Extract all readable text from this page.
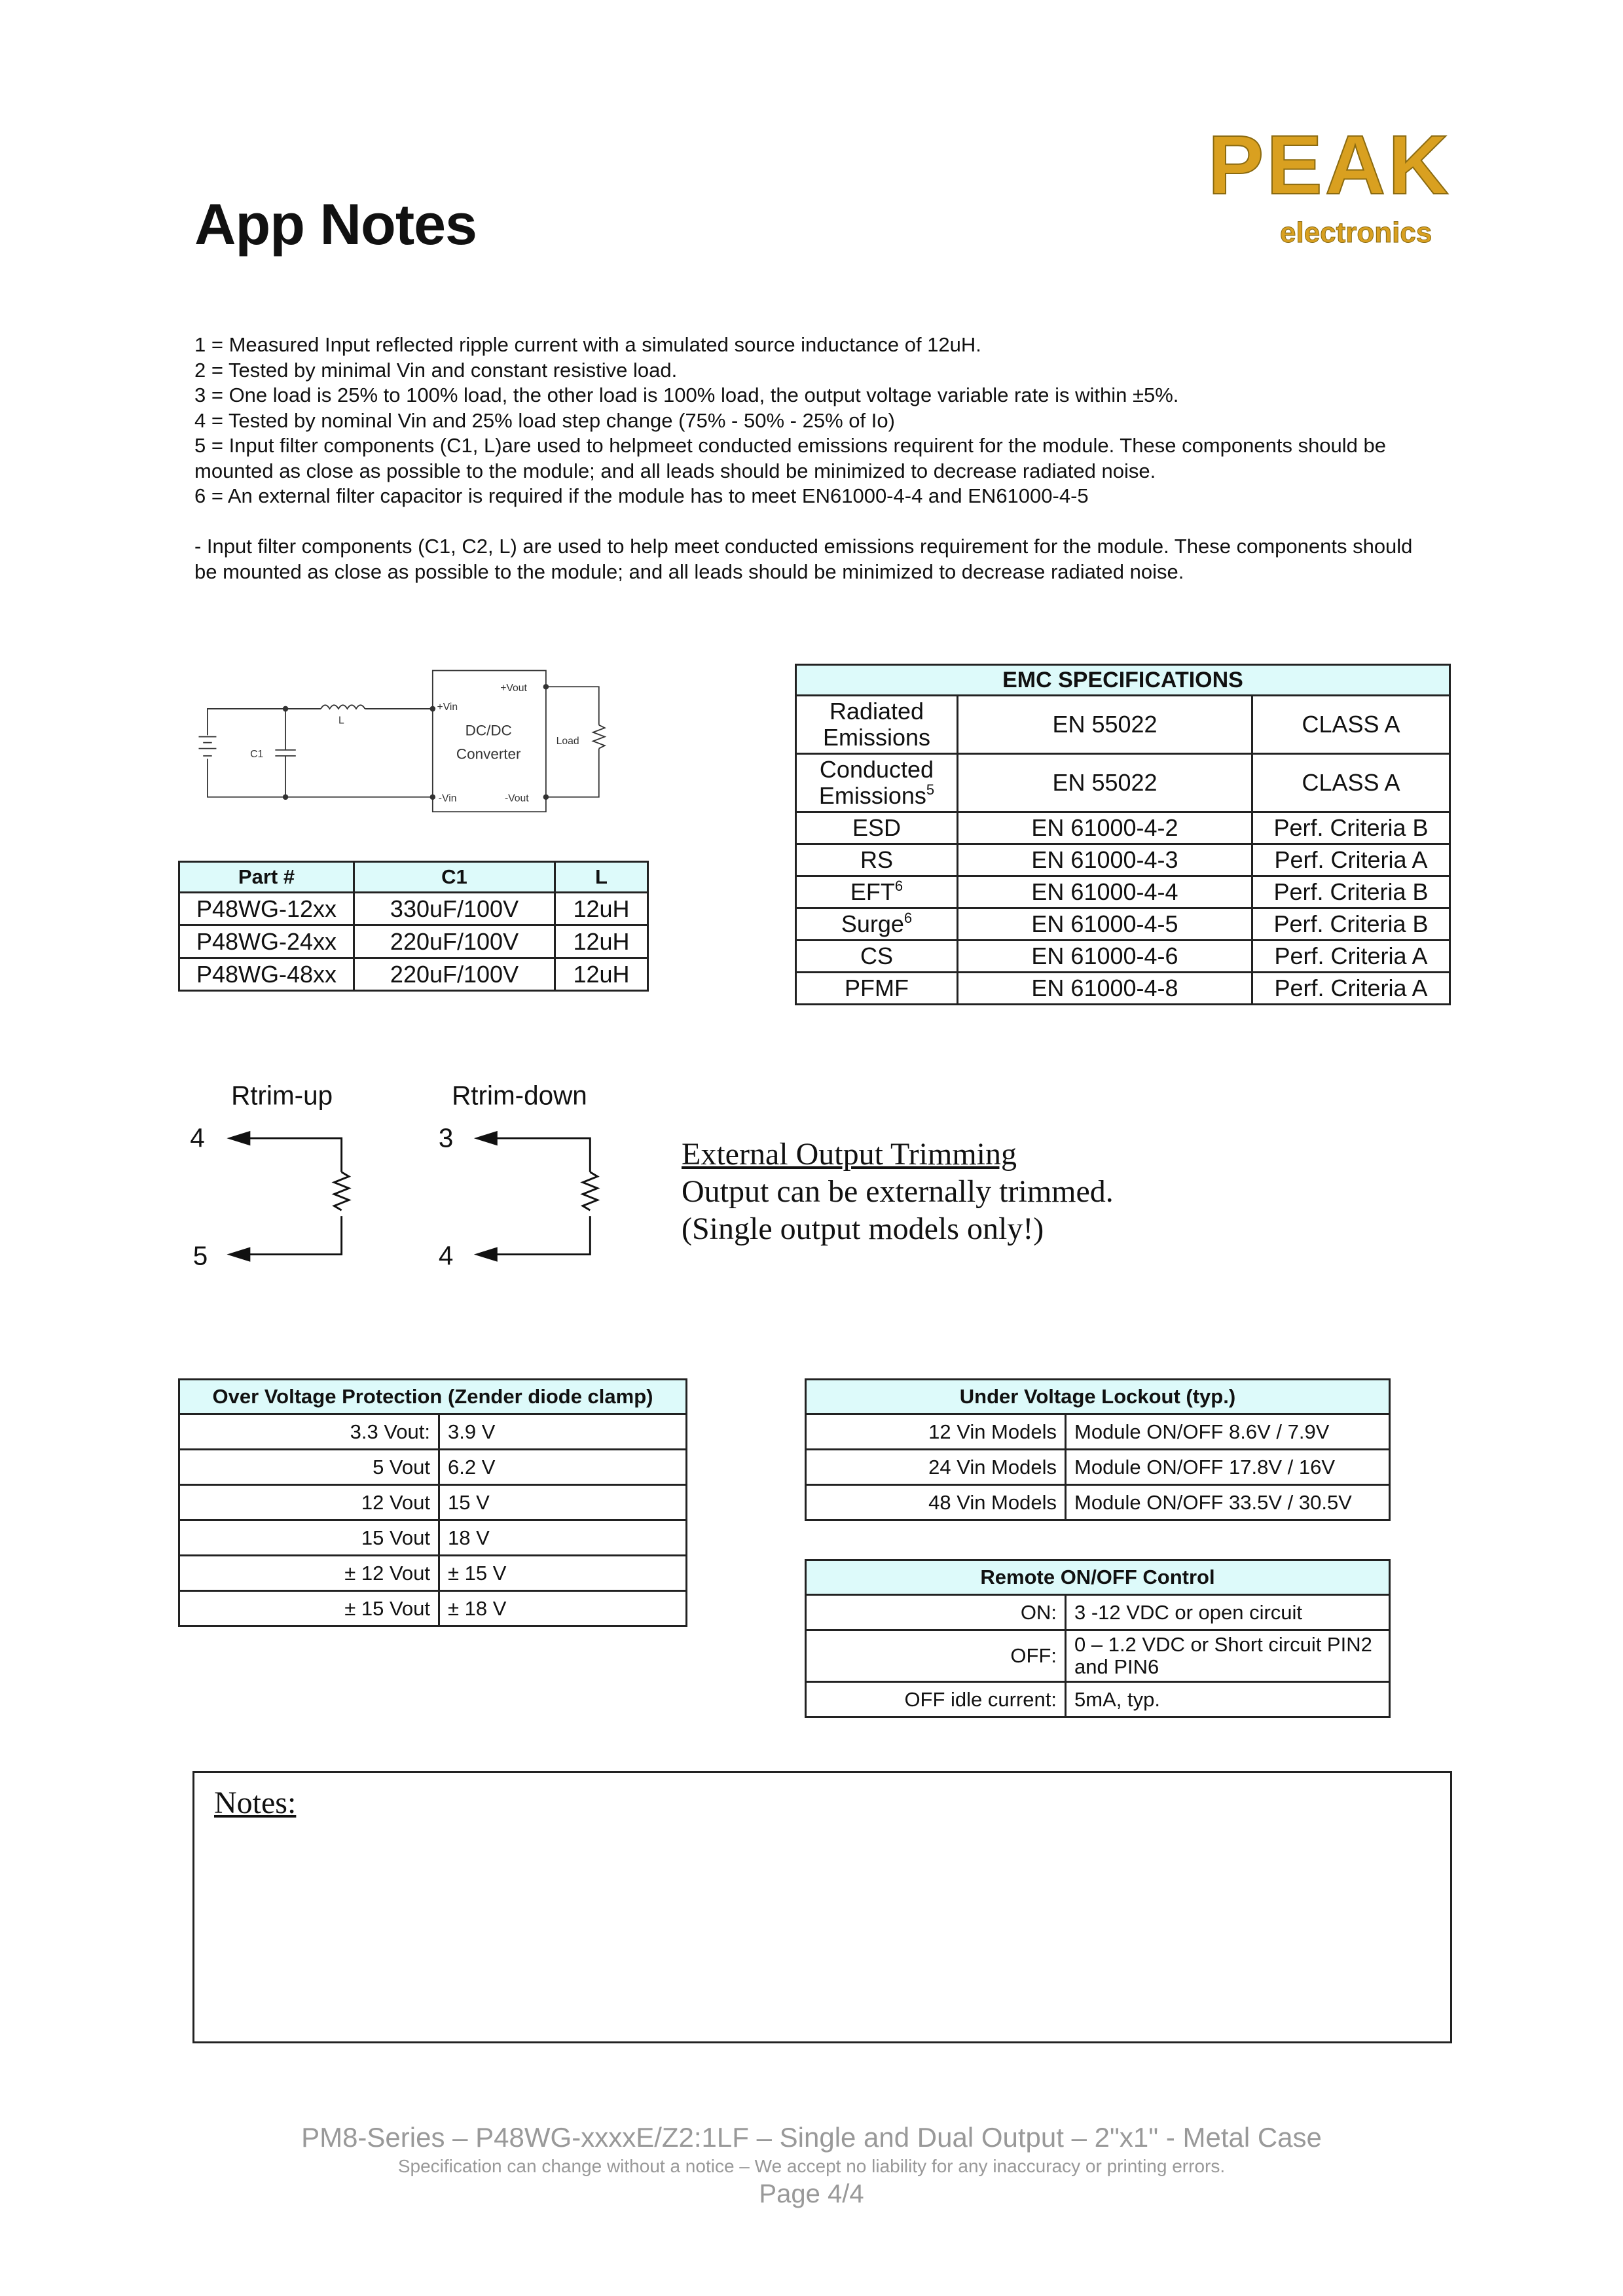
App Notes
PEAK
electronics
1 = Measured Input reflected ripple current with a simulated source inductance of 12uH.
2 = Tested by minimal Vin and constant resistive load.
3 = One load is 25% to 100% load, the other load is 100% load, the output voltage variable rate is within ±5%.
4 = Tested by nominal Vin and 25% load step change (75% - 50% - 25% of Io)
5 = Input filter components (C1, L)are used to helpmeet conducted emissions requirent for the module. These components should be mounted as close as possible to the module; and all leads should be minimized to decrease radiated noise.
6 = An external filter capacitor is required if the module has to meet EN61000-4-4 and EN61000-4-5
- Input filter components (C1, C2, L) are used to help meet conducted emissions requirement for the module. These components should be mounted as close as possible to the module; and all leads should be minimized to decrease radiated noise.
+Vout
+Vin
-Vin	-Vout
DC/DC
Converter
Load
C1
L
Part #	C1	L
P48WG-12xx	330uF/100V	12uH
P48WG-24xx	220uF/100V	12uH
P48WG-48xx	220uF/100V	12uH
EMC SPECIFICATIONS		
Radiated Emissions	EN 55022	CLASS A
Conducted Emissions$^5$	EN 55022	CLASS A
ESD	EN 61000-4-2	Perf. Criteria B
RS	EN 61000-4-3	Perf. Criteria A
EFT$^6$	EN 61000-4-4	Perf. Criteria B
Surge$^6$	EN 61000-4-5	Perf. Criteria B
CS	EN 61000-4-6	Perf. Criteria A
PFMF	EN 61000-4-8	Perf. Criteria A
Rtrim-up	Rtrim-down
4
5
3
4
External Output Trimming
Output can be externally trimmed.
(Single output models only!)
Over Voltage Protection (Zender diode clamp)	
3.3 Vout:	3.9 V
5 Vout	6.2 V
12 Vout	15 V
15 Vout	18 V
± 12 Vout	± 15 V
± 15 Vout	± 18 V
Under Voltage Lockout (typ.)	
12 Vin Models	Module ON/OFF 8.6V / 7.9V
24 Vin Models	Module ON/OFF 17.8V / 16V
48 Vin Models	Module ON/OFF 33.5V / 30.5V
Remote ON/OFF Control	
ON:	3 -12 VDC or open circuit
OFF:	0 – 1.2 VDC or Short circuit PIN2 and PIN6
OFF idle current:	5mA, typ.
Notes:
PM8-Series – P48WG-xxxxE/Z2:1LF – Single and Dual Output – 2"x1" - Metal Case
Specification can change without a notice – We accept no liability for any inaccuracy or printing errors.
Page 4/4
